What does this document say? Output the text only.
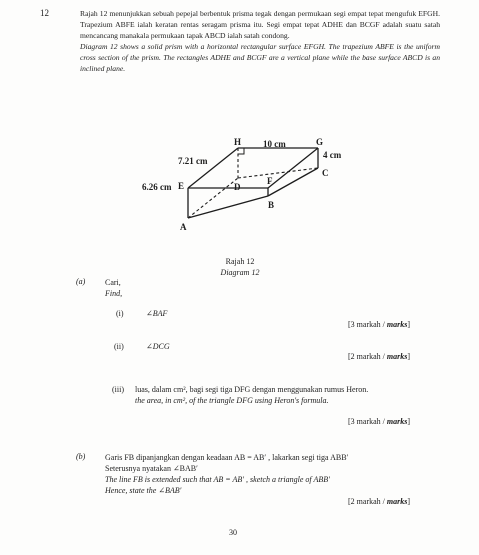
12	Rajah 12 menunjukkan sebuah pepejal berbentuk prisma tegak dengan permukaan segi empat tepat mengufuk EFGH. Trapezium ABFE ialah keratan rentas seragam prisma itu. Segi empat tepat ADHE dan BCGF adalah suatu satah mencancang manakala permukaan tapak ABCD ialah satah condong.
Diagram 12 shows a solid prism with a horizontal rectangular surface EFGH. The trapezium ABFE is the uniform cross section of the prism. The rectangles ADHE and BCGF are a vertical plane while the base surface ABCD is an inclined plane.
H	G
E	F
D
C
A
B
10 cm
4 cm
7.21 cm
6.26 cm
Rajah 12
Diagram 12
(a) Cari,
Find,
(i)	∠BAF
[3 markah / marks]
(ii)	∠DCG
[2 markah / marks]
(iii) luas, dalam cm², bagi segi tiga DFG dengan menggunakan rumus Heron.
the area, in cm², of the triangle DFG using Heron's formula.
[3 markah / marks]
(b) Garis FB dipanjangkan dengan keadaan AB = AB′ , lakarkan segi tiga ABB′
Seterusnya nyatakan ∠BAB′
The line FB is extended such that AB = AB′ , sketch a triangle of ABB′
Hence, state the ∠BAB′
[2 markah / marks]
30
